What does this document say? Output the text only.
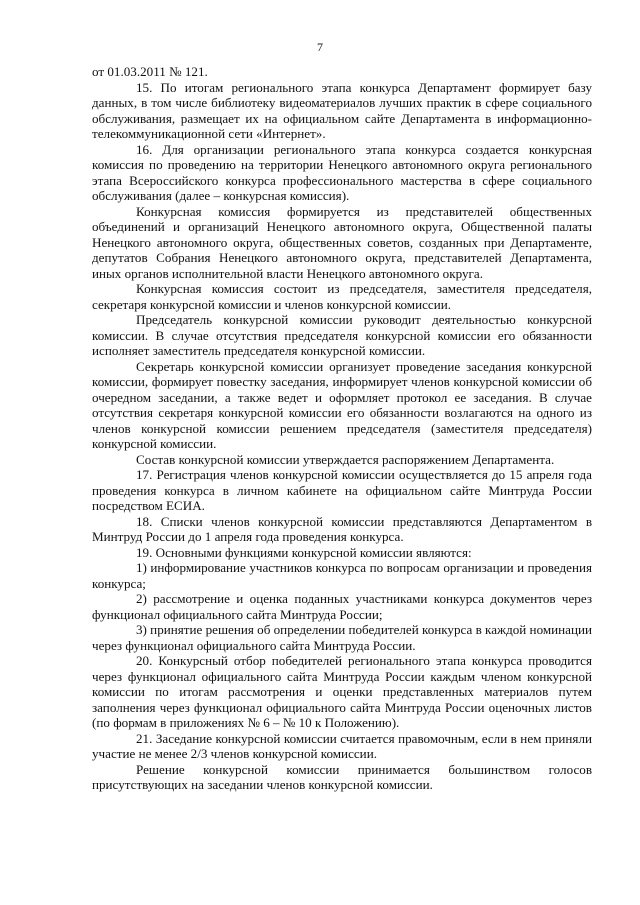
7

от 01.03.2011 № 121.

15. По итогам регионального этапа конкурса Департамент формирует базу данных, в том числе библиотеку видеоматериалов лучших практик в сфере социального обслуживания, размещает их на официальном сайте Департамента в информационно-телекоммуникационной сети «Интернет».

16. Для организации регионального этапа конкурса создается конкурсная комиссия по проведению на территории Ненецкого автономного округа регионального этапа Всероссийского конкурса профессионального мастерства в сфере социального обслуживания (далее – конкурсная комиссия).

Конкурсная комиссия формируется из представителей общественных объединений и организаций Ненецкого автономного округа, Общественной палаты Ненецкого автономного округа, общественных советов, созданных при Департаменте, депутатов Собрания Ненецкого автономного округа, представителей Департамента, иных органов исполнительной власти Ненецкого автономного округа.

Конкурсная комиссия состоит из председателя, заместителя председателя, секретаря конкурсной комиссии и членов конкурсной комиссии.

Председатель конкурсной комиссии руководит деятельностью конкурсной комиссии. В случае отсутствия председателя конкурсной комиссии его обязанности исполняет заместитель председателя конкурсной комиссии.

Секретарь конкурсной комиссии организует проведение заседания конкурсной комиссии, формирует повестку заседания, информирует членов конкурсной комиссии об очередном заседании, а также ведет и оформляет протокол ее заседания. В случае отсутствия секретаря конкурсной комиссии его обязанности возлагаются на одного из членов конкурсной комиссии решением председателя (заместителя председателя) конкурсной комиссии.

Состав конкурсной комиссии утверждается распоряжением Департамента.

17. Регистрация членов конкурсной комиссии осуществляется до 15 апреля года проведения конкурса в личном кабинете на официальном сайте Минтруда России посредством ЕСИА.

18. Списки членов конкурсной комиссии представляются Департаментом в Минтруд России до 1 апреля года проведения конкурса.

19. Основными функциями конкурсной комиссии являются:

1) информирование участников конкурса по вопросам организации и проведения конкурса;

2) рассмотрение и оценка поданных участниками конкурса документов через функционал официального сайта Минтруда России;

3) принятие решения об определении победителей конкурса в каждой номинации через функционал официального сайта Минтруда России.

20. Конкурсный отбор победителей регионального этапа конкурса проводится через функционал официального сайта Минтруда России каждым членом конкурсной комиссии по итогам рассмотрения и оценки представленных материалов путем заполнения через функционал официального сайта Минтруда России оценочных листов (по формам в приложениях № 6 – № 10 к Положению).

21. Заседание конкурсной комиссии считается правомочным, если в нем приняли участие не менее 2/3 членов конкурсной комиссии.

Решение конкурсной комиссии принимается большинством голосов присутствующих на заседании членов конкурсной комиссии.
